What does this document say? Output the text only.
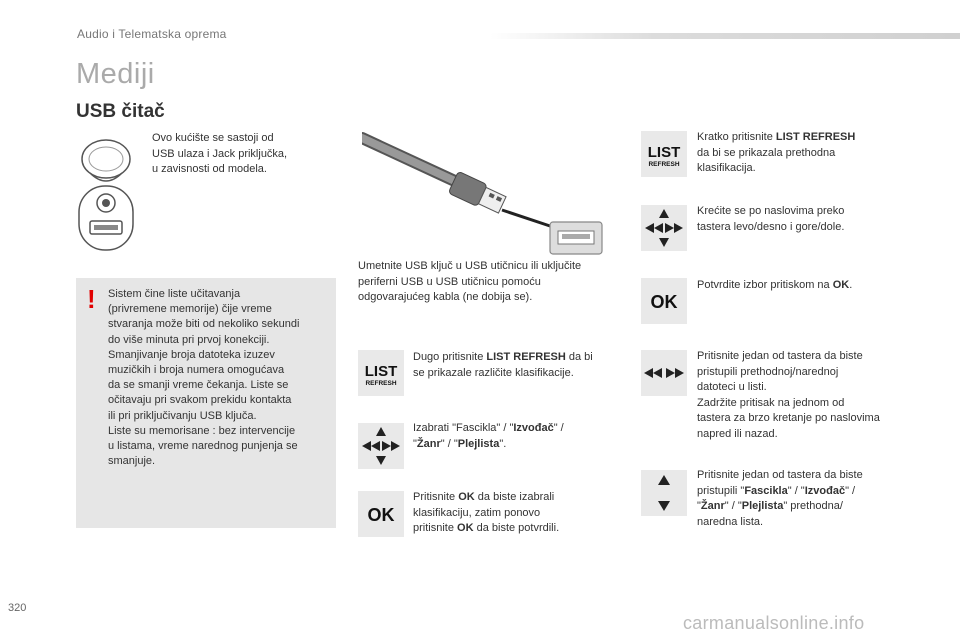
Audio i Telematska oprema
Mediji
USB čitač
Ovo kućište se sastoji od
USB ulaza i Jack priključka,
u zavisnosti od modela.
! Sistem čine liste učitavanja
(privremene memorije) čije vreme
stvaranja može biti od nekoliko sekundi
do više minuta pri prvoj konekciji.
Smanjivanje broja datoteka izuzev
muzičkih i broja numera omogućava
da se smanji vreme čekanja. Liste se
očitavaju pri svakom prekidu kontakta
ili pri priključivanju USB ključa.
Liste su memorisane : bez intervencije
u listama, vreme narednog punjenja se
smanjuje.
Umetnite USB ključ u USB utičnicu ili uključite
periferni USB u USB utičnicu pomoću
odgovarajućeg kabla (ne dobija se).
LIST
REFRESH
Dugo pritisnite LIST REFRESH da bi
se prikazale različite klasifikacije.
Izabrati "Fascikla" / "Izvođač" /
"Žanr" / "Plejlista".
OK
Pritisnite OK da biste izabrali
klasifikaciju, zatim ponovo
pritisnite OK da biste potvrdili.
LIST
REFRESH
Kratko pritisnite LIST REFRESH
da bi se prikazala prethodna
klasifikacija.
Krećite se po naslovima preko
tastera levo/desno i gore/dole.
OK
Potvrdite izbor pritiskom na OK.
Pritisnite jedan od tastera da biste
pristupili prethodnoj/narednoj
datoteci u listi.
Zadržite pritisak na jednom od
tastera za brzo kretanje po naslovima
napred ili nazad.
Pritisnite jedan od tastera da biste
pristupili "Fascikla" / "Izvođač" /
"Žanr" / "Plejlista" prethodna/
naredna lista.
320
carmanualsonline.info
